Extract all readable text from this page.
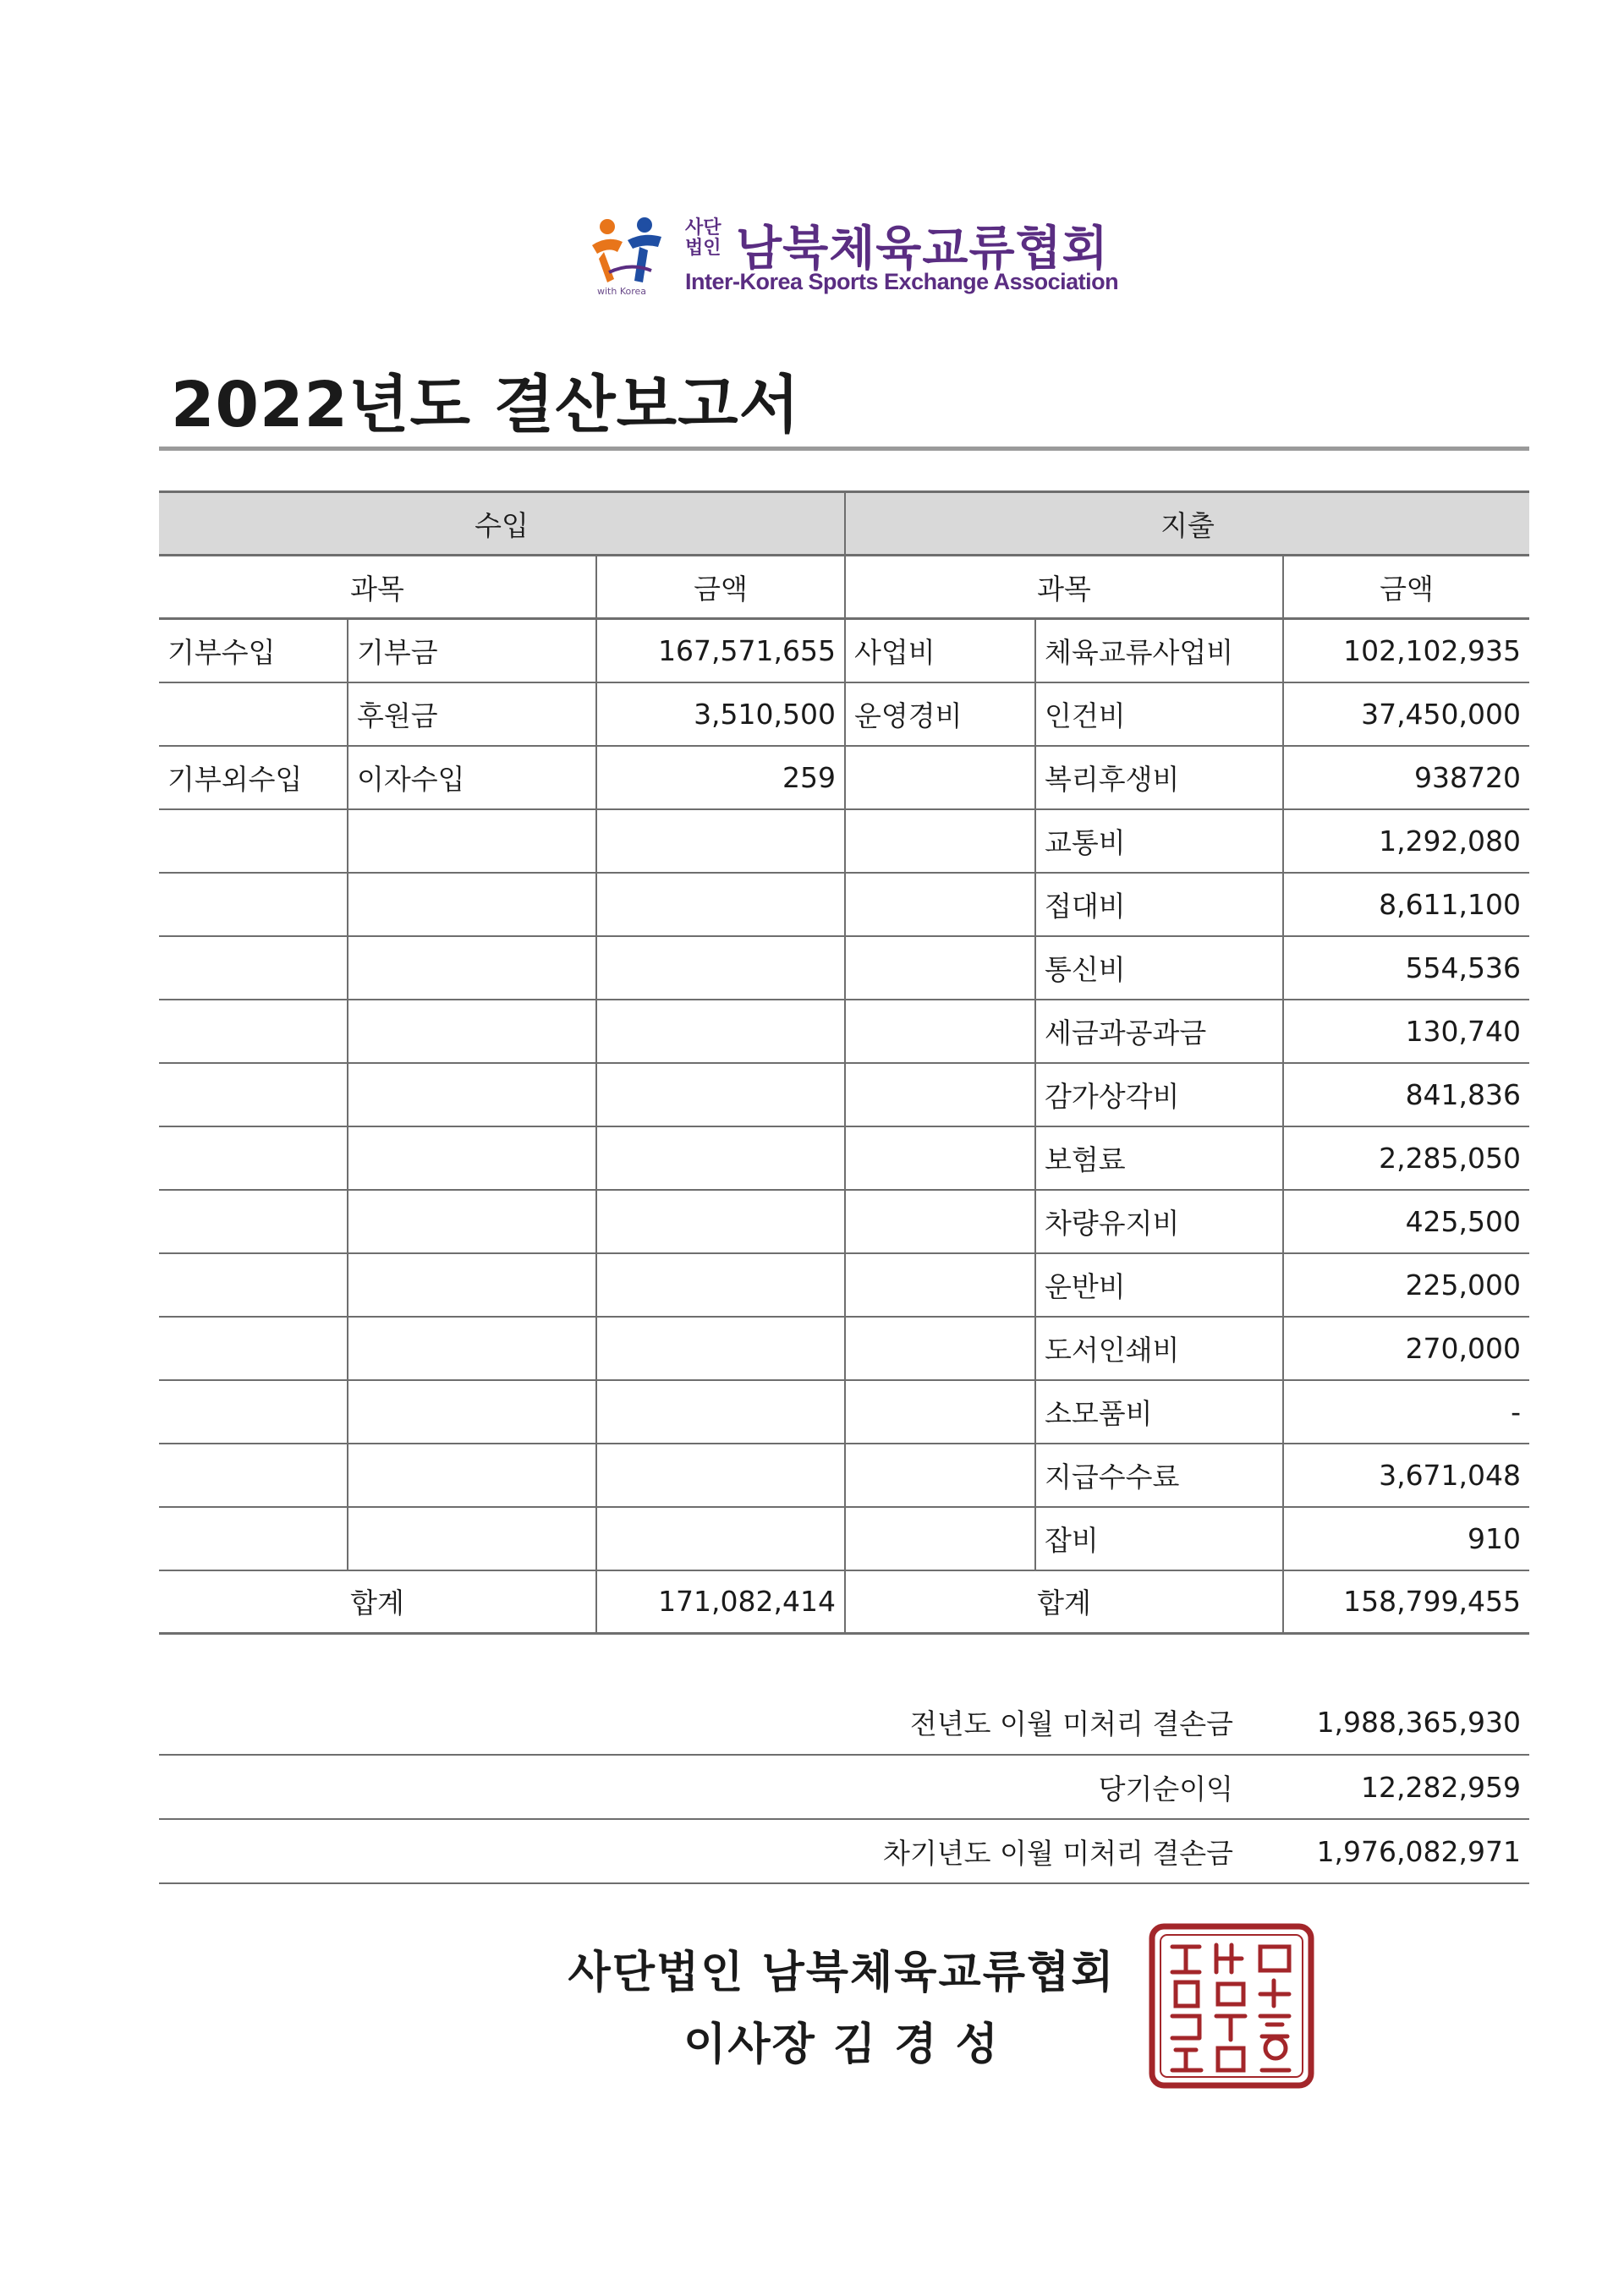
with Korea
사단법인 남북체육교류협회
Inter-Korea Sports Exchange Association
2022년도 결산보고서
수입			지출		
과목		금액	과목		금액
기부수입	기부금	167,571,655	사업비	체육교류사업비	102,102,935
	후원금	3,510,500	운영경비	인건비	37,450,000
기부외수입	이자수입	259		복리후생비	938720
				교통비	1,292,080
				접대비	8,611,100
				통신비	554,536
				세금과공과금	130,740
				감가상각비	841,836
				보험료	2,285,050
				차량유지비	425,500
				운반비	225,000
				도서인쇄비	270,000
				소모품비	-
				지급수수료	3,671,048
				잡비	910
합계		171,082,414	합계		158,799,455
전년도 이월 미처리 결손금	1,988,365,930
당기순이익	12,282,959
차기년도 이월 미처리 결손금	1,976,082,971
사단법인 남북체육교류협회
이사장 김 경 성
